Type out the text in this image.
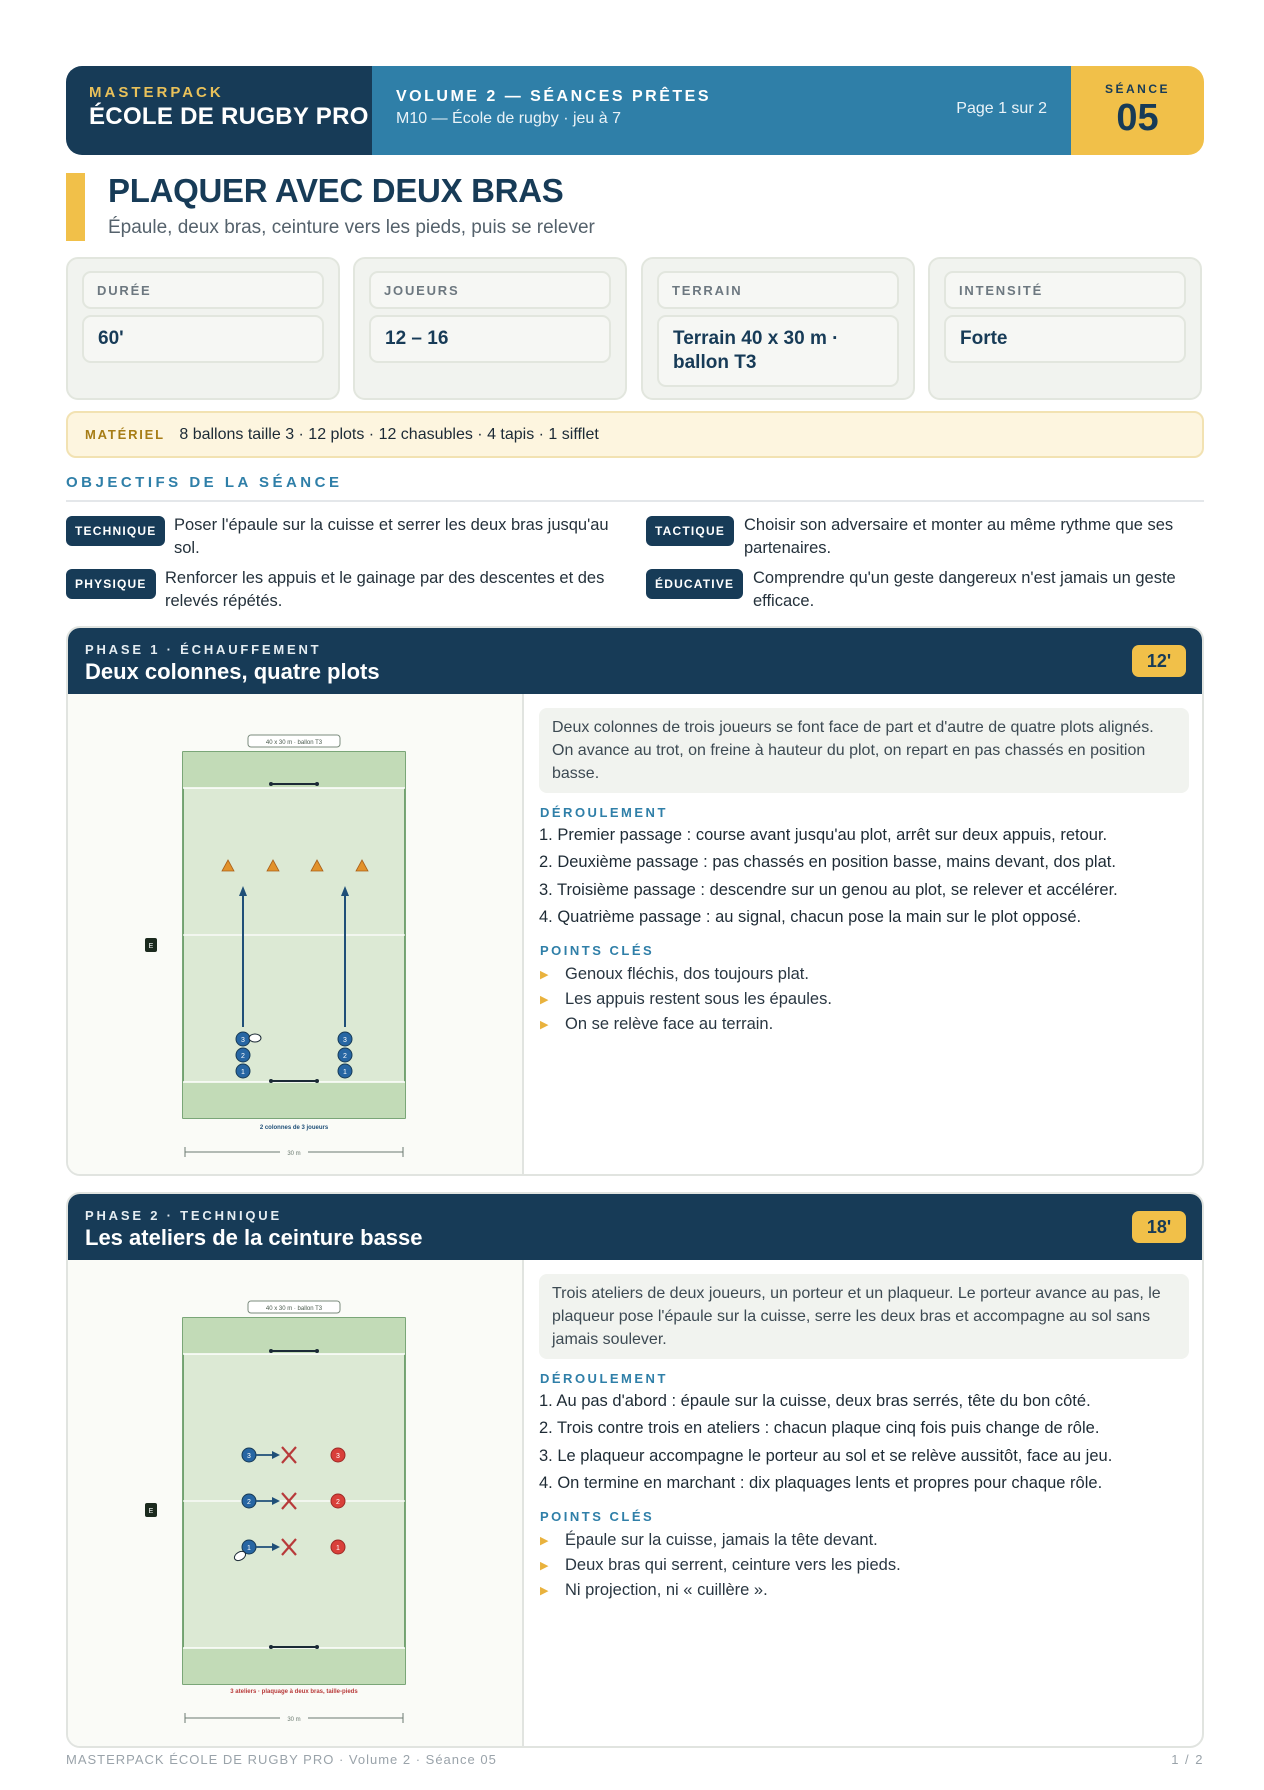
MASTERPACK
ÉCOLE DE RUGBY PRO
VOLUME 2 — SÉANCES PRÊTES
M10 — École de rugby · jeu à 7
Page 1 sur 2
SÉANCE
05
PLAQUER AVEC DEUX BRAS
Épaule, deux bras, ceinture vers les pieds, puis se relever
DURÉE
60'
JOUEURS
12 – 16
TERRAIN
Terrain 40 x 30 m · ballon T3
INTENSITÉ
Forte
MATÉRIEL 8 ballons taille 3 · 12 plots · 12 chasubles · 4 tapis · 1 sifflet
OBJECTIFS DE LA SÉANCE
TECHNIQUE	Poser l'épaule sur la cuisse et serrer les deux bras jusqu'au sol.
TACTIQUE	Choisir son adversaire et monter au même rythme que ses partenaires.
PHYSIQUE	Renforcer les appuis et le gainage par des descentes et des relevés répétés.
ÉDUCATIVE	Comprendre qu'un geste dangereux n'est jamais un geste efficace.
PHASE 1 · ÉCHAUFFEMENT
Deux colonnes, quatre plots	12'
40 x 30 m · ballon T3
3
2
1
3
2
1
E
2 colonnes de 3 joueurs
30 m
Deux colonnes de trois joueurs se font face de part et d'autre de quatre plots alignés. On avance au trot, on freine à hauteur du plot, on repart en pas chassés en position basse.
DÉROULEMENT
1. Premier passage : course avant jusqu'au plot, arrêt sur deux appuis, retour.
2. Deuxième passage : pas chassés en position basse, mains devant, dos plat.
3. Troisième passage : descendre sur un genou au plot, se relever et accélérer.
4. Quatrième passage : au signal, chacun pose la main sur le plot opposé.
POINTS CLÉS
▶	Genoux fléchis, dos toujours plat.
▶	Les appuis restent sous les épaules.
▶	On se relève face au terrain.
PHASE 2 · TECHNIQUE
Les ateliers de la ceinture basse	18'
40 x 30 m · ballon T3
3	3
2	2
1	1
E
3 ateliers · plaquage à deux bras, taille-pieds
30 m
Trois ateliers de deux joueurs, un porteur et un plaqueur. Le porteur avance au pas, le plaqueur pose l'épaule sur la cuisse, serre les deux bras et accompagne au sol sans jamais soulever.
DÉROULEMENT
1. Au pas d'abord : épaule sur la cuisse, deux bras serrés, tête du bon côté.
2. Trois contre trois en ateliers : chacun plaque cinq fois puis change de rôle.
3. Le plaqueur accompagne le porteur au sol et se relève aussitôt, face au jeu.
4. On termine en marchant : dix plaquages lents et propres pour chaque rôle.
POINTS CLÉS
▶	Épaule sur la cuisse, jamais la tête devant.
▶	Deux bras qui serrent, ceinture vers les pieds.
▶	Ni projection, ni « cuillère ».
MASTERPACK ÉCOLE DE RUGBY PRO · Volume 2 · Séance 05	1 / 2
